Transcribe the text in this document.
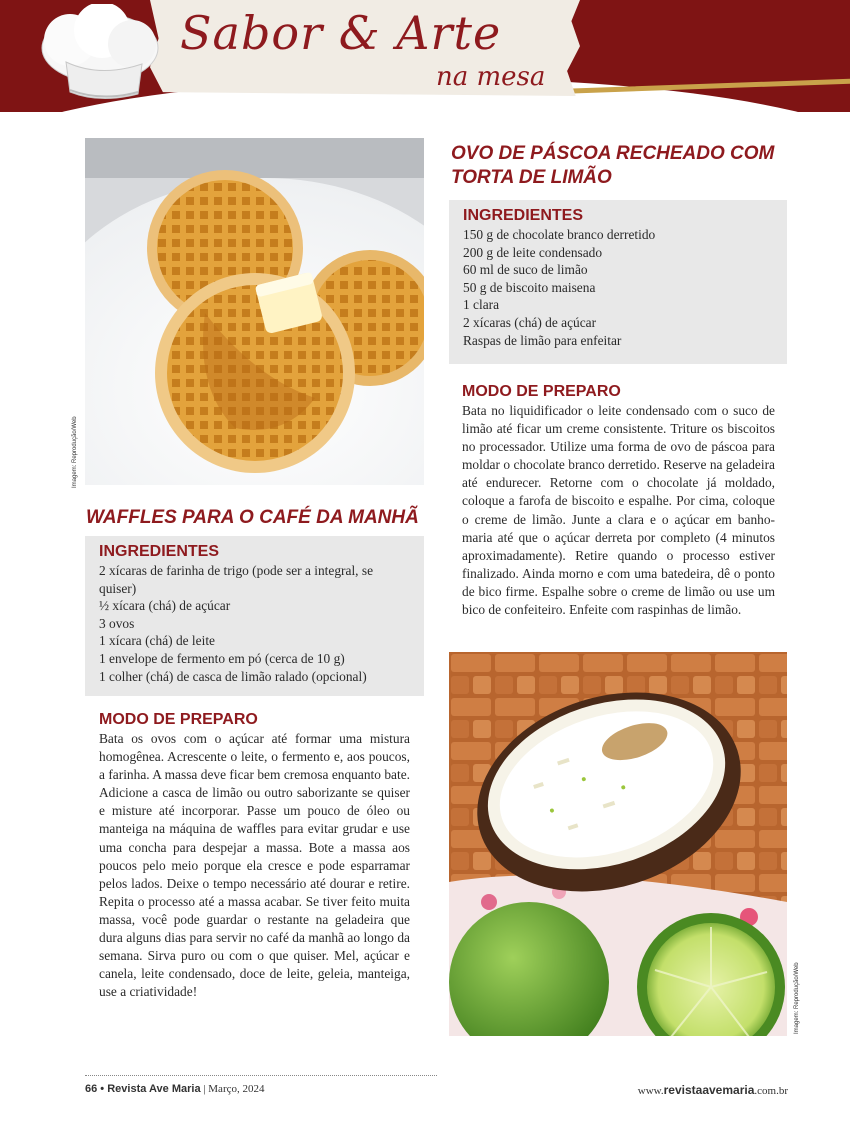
Sabor & Arte
na mesa
Imagem: Reprodução/Web
WAFFLES PARA O CAFÉ DA MANHÃ
INGREDIENTES
2 xícaras de farinha de trigo (pode ser a integral, se quiser)
½ xícara (chá) de açúcar
3 ovos
1 xícara (chá) de leite
1 envelope de fermento em pó (cerca de 10 g)
1 colher (chá) de casca de limão ralado (opcional)
MODO DE PREPARO

Bata os ovos com o açúcar até formar uma mistura homogênea. Acrescente o leite, o fermento e, aos poucos, a farinha. A massa deve ficar bem cremosa enquanto bate. Adicione a casca de limão ou outro saborizante se quiser e misture até incorporar. Passe um pouco de óleo ou manteiga na máquina de waffles para evitar grudar e use uma concha para despejar a massa. Bote a massa aos poucos pelo meio porque ela cresce e pode esparramar pelos lados. Deixe o tempo necessário até dourar e retire. Repita o processo até a massa acabar. Se tiver feito muita massa, você pode guardar o restante na geladeira que dura alguns dias para servir no café da manhã ao longo da semana. Sirva puro ou com o que quiser. Mel, açúcar e canela, leite condensado, doce de leite, geleia, manteiga, use a criatividade!

OVO DE PÁSCOA RECHEADO COM TORTA DE LIMÃO
INGREDIENTES
150 g de chocolate branco derretido
200 g de leite condensado
60 ml de suco de limão
50 g de biscoito maisena
1 clara
2 xícaras (chá) de açúcar
Raspas de limão para enfeitar
MODO DE PREPARO

Bata no liquidificador o leite condensado com o suco de limão até ficar um creme consistente. Triture os biscoitos no processador. Utilize uma forma de ovo de páscoa para moldar o chocolate branco derretido. Reserve na geladeira até endurecer. Retorne com o chocolate já moldado, coloque a farofa de biscoito e espalhe. Por cima, coloque o creme de limão. Junte a clara e o açúcar em banho-maria até que o açúcar derreta por completo (4 minutos aproximadamente). Retire quando o processo estiver finalizado. Ainda morno e com uma batedeira, dê o ponto de bico firme. Espalhe sobre o creme de limão ou use um bico de confeiteiro. Enfeite com raspinhas de limão.

Imagem: Reprodução/Web
66 • Revista Ave Maria | Março, 2024	www.revistaavemaria.com.br
